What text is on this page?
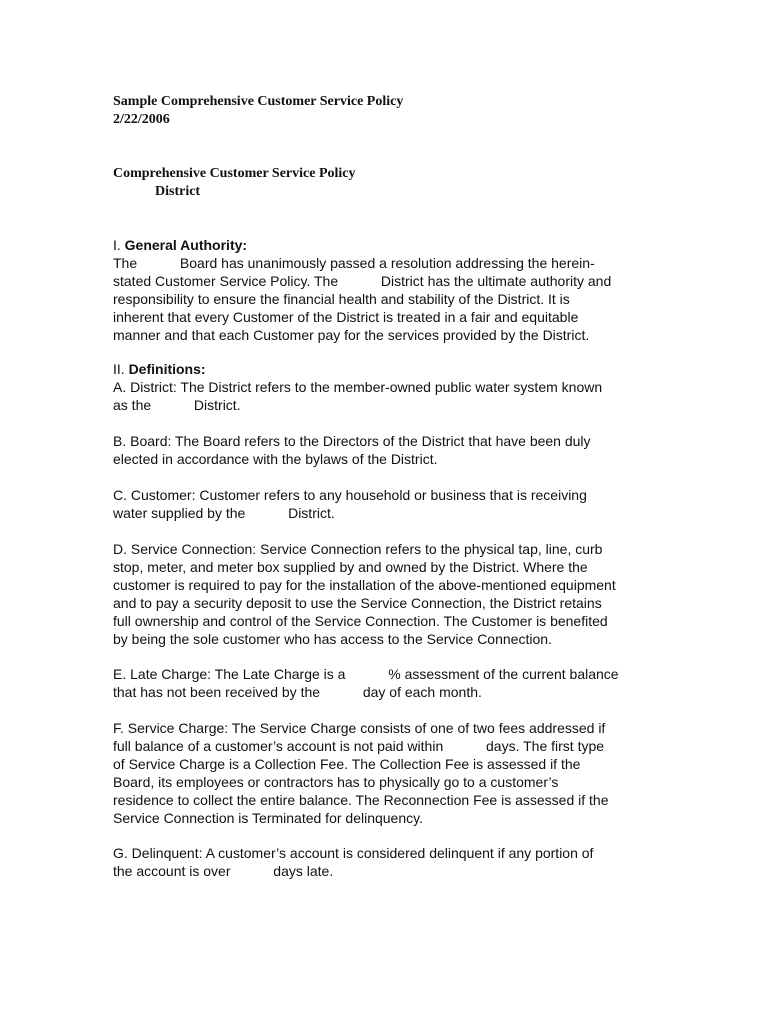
Sample Comprehensive Customer Service Policy
2/22/2006
Comprehensive Customer Service Policy
District
I. General Authority:
The           Board has unanimously passed a resolution addressing the herein-
stated Customer Service Policy. The           District has the ultimate authority and
responsibility to ensure the financial health and stability of the District. It is
inherent that every Customer of the District is treated in a fair and equitable
manner and that each Customer pay for the services provided by the District.
II. Definitions:
A. District: The District refers to the member-owned public water system known
as the           District.
B. Board: The Board refers to the Directors of the District that have been duly
elected in accordance with the bylaws of the District.
C. Customer: Customer refers to any household or business that is receiving
water supplied by the           District.
D. Service Connection: Service Connection refers to the physical tap, line, curb
stop, meter, and meter box supplied by and owned by the District. Where the
customer is required to pay for the installation of the above-mentioned equipment
and to pay a security deposit to use the Service Connection, the District retains
full ownership and control of the Service Connection. The Customer is benefited
by being the sole customer who has access to the Service Connection.
E. Late Charge: The Late Charge is a           % assessment of the current balance
that has not been received by the           day of each month.
F. Service Charge: The Service Charge consists of one of two fees addressed if
full balance of a customer’s account is not paid within           days. The first type
of Service Charge is a Collection Fee. The Collection Fee is assessed if the
Board, its employees or contractors has to physically go to a customer’s
residence to collect the entire balance. The Reconnection Fee is assessed if the
Service Connection is Terminated for delinquency.
G. Delinquent: A customer’s account is considered delinquent if any portion of
the account is over           days late.
